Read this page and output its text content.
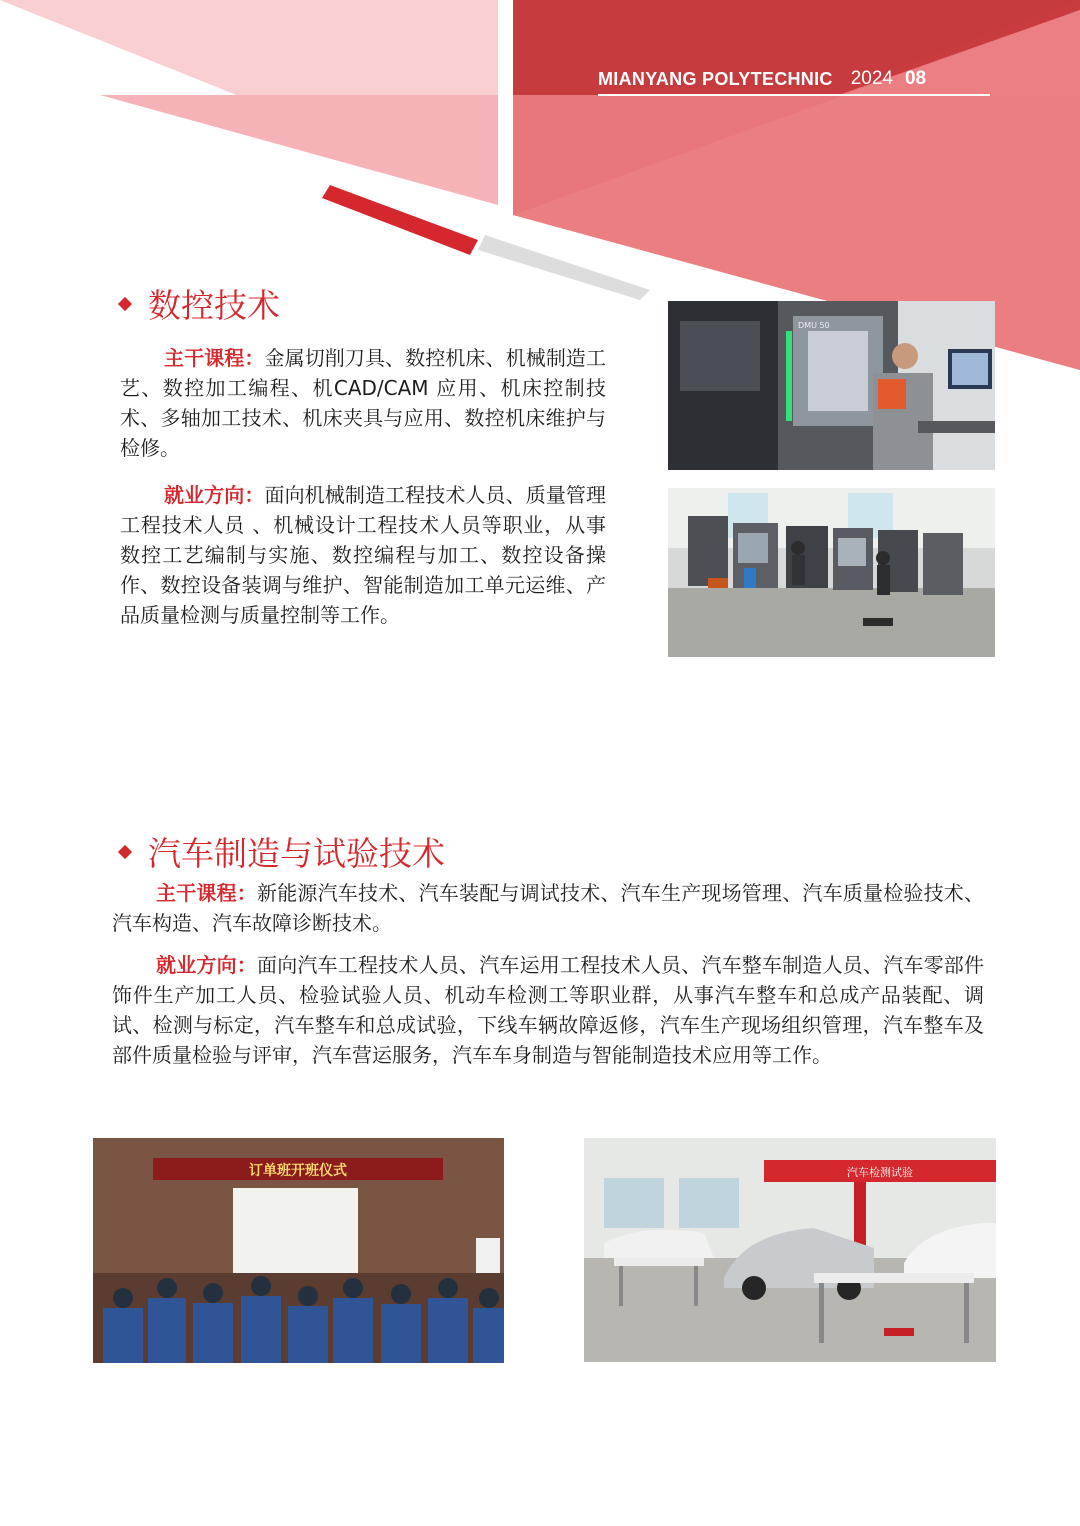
MIANYANG POLYTECHNIC 2024 08
数控技术

主干课程：金属切削刀具、数控机床、机械制造工艺、数控加工编程、机CAD/CAM 应用、机床控制技术、多轴加工技术、机床夹具与应用、数控机床维护与检修。

就业方向：面向机械制造工程技术人员、质量管理工程技术人员 、机械设计工程技术人员等职业，从事数控工艺编制与实施、数控编程与加工、数控设备操作、数控设备装调与维护、智能制造加工单元运维、产品质量检测与质量控制等工作。

DMU 50
汽车制造与试验技术

主干课程：新能源汽车技术、汽车装配与调试技术、汽车生产现场管理、汽车质量检验技术、汽车构造、汽车故障诊断技术。

就业方向：面向汽车工程技术人员、汽车运用工程技术人员、汽车整车制造人员、汽车零部件饰件生产加工人员、检验试验人员、机动车检测工等职业群，从事汽车整车和总成产品装配、调试、检测与标定，汽车整车和总成试验，下线车辆故障返修，汽车生产现场组织管理，汽车整车及部件质量检验与评审，汽车营运服务，汽车车身制造与智能制造技术应用等工作。

订单班开班仪式	汽车检测试验
